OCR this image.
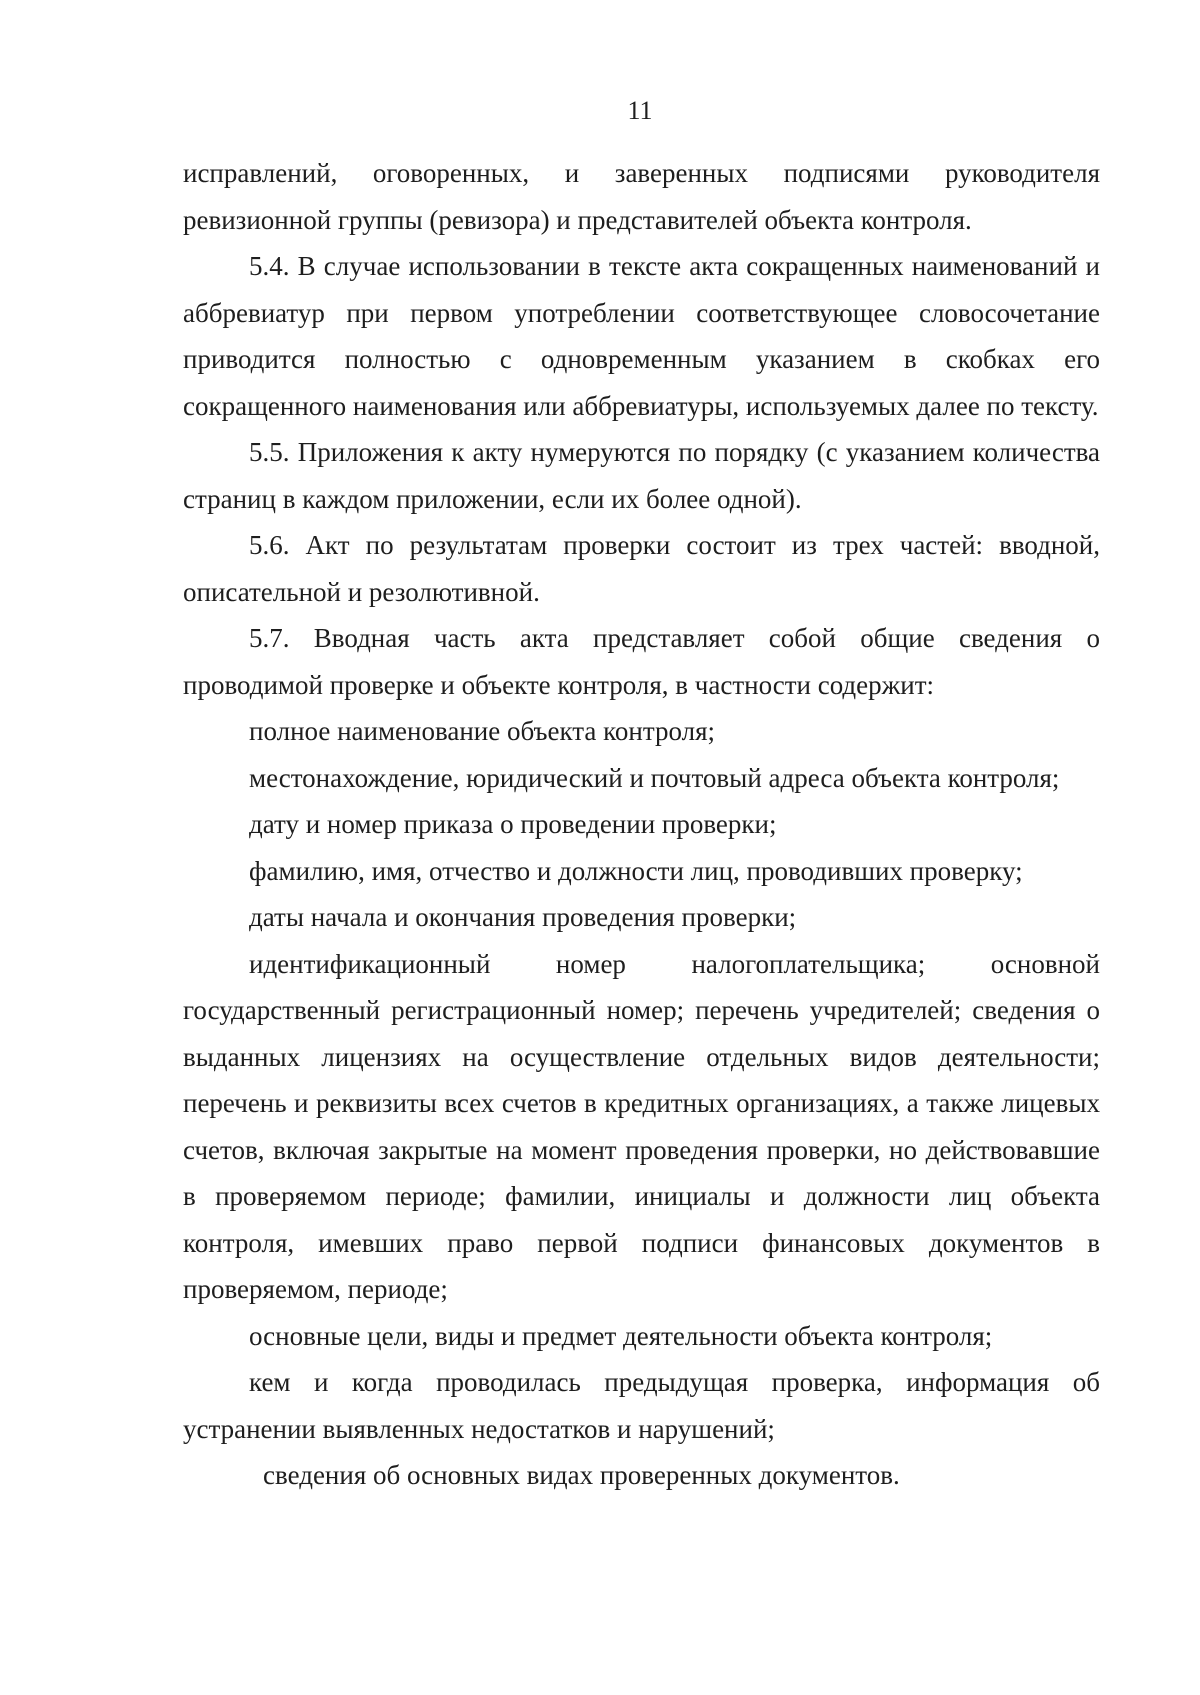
11

исправлений, оговоренных, и заверенных подписями руководителя ревизионной группы (ревизора) и представителей объекта контроля.

5.4. В случае использовании в тексте акта сокращенных наименований и аббревиатур при первом употреблении соответствующее словосочетание приводится полностью с одновременным указанием в скобках его сокращенного наименования или аббревиатуры, используемых далее по тексту.

5.5. Приложения к акту нумеруются по порядку (с указанием количества страниц в каждом приложении, если их более одной).

5.6. Акт по результатам проверки состоит из трех частей: вводной, описательной и резолютивной.

5.7. Вводная часть акта представляет собой общие сведения о проводимой проверке и объекте контроля, в частности содержит:

полное наименование объекта контроля;

местонахождение, юридический и почтовый адреса объекта контроля;

дату и номер приказа о проведении проверки;

фамилию, имя, отчество и должности лиц, проводивших проверку;

даты начала и окончания проведения проверки;

идентификационный номер налогоплательщика; основной государственный регистрационный номер; перечень учредителей; сведения о выданных лицензиях на осуществление отдельных видов деятельности; перечень и реквизиты всех счетов в кредитных организациях, а также лицевых счетов, включая закрытые на момент проведения проверки, но действовавшие в проверяемом периоде; фамилии, инициалы и должности лиц объекта контроля, имевших право первой подписи финансовых документов в проверяемом, периоде;

основные цели, виды и предмет деятельности объекта контроля;

кем и когда проводилась предыдущая проверка, информация об устранении выявленных недостатков и нарушений;

сведения об основных видах проверенных документов.
